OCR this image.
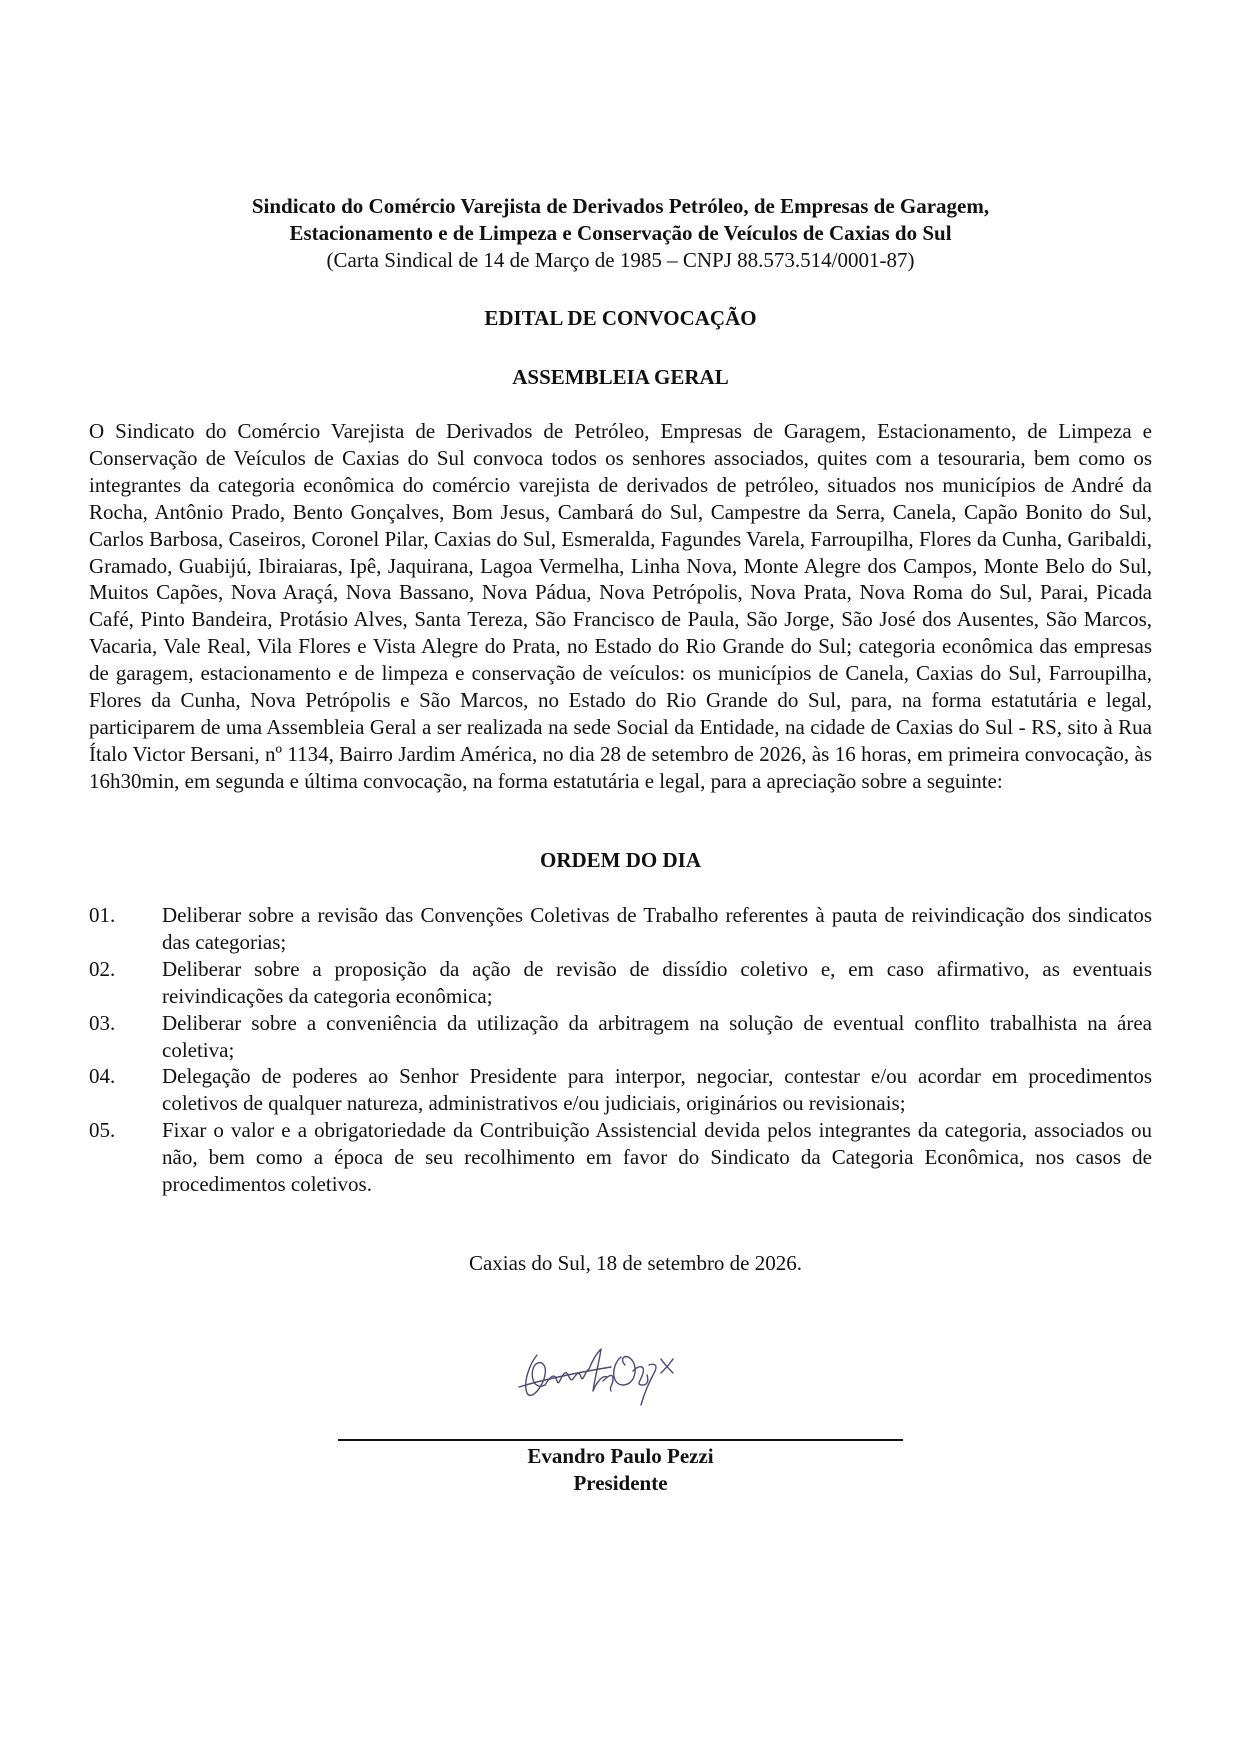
Sindicato do Comércio Varejista de Derivados Petróleo, de Empresas de Garagem,
Estacionamento e de Limpeza e Conservação de Veículos de Caxias do Sul
(Carta Sindical de 14 de Março de 1985 – CNPJ 88.573.514/0001-87)
EDITAL DE CONVOCAÇÃO
ASSEMBLEIA GERAL

O Sindicato do Comércio Varejista de Derivados de Petróleo, Empresas de Garagem, Estacionamento, de Limpeza e Conservação de Veículos de Caxias do Sul convoca todos os senhores associados, quites com a tesouraria, bem como os integrantes da categoria econômica do comércio varejista de derivados de petróleo, situados nos municípios de André da Rocha, Antônio Prado, Bento Gonçalves, Bom Jesus, Cambará do Sul, Campestre da Serra, Canela, Capão Bonito do Sul, Carlos Barbosa, Caseiros, Coronel Pilar, Caxias do Sul, Esmeralda, Fagundes Varela, Farroupilha, Flores da Cunha, Garibaldi, Gramado, Guabijú, Ibiraiaras, Ipê, Jaquirana, Lagoa Vermelha, Linha Nova, Monte Alegre dos Campos, Monte Belo do Sul, Muitos Capões, Nova Araçá, Nova Bassano, Nova Pádua, Nova Petrópolis, Nova Prata, Nova Roma do Sul, Parai, Picada Café, Pinto Bandeira, Protásio Alves, Santa Tereza, São Francisco de Paula, São Jorge, São José dos Ausentes, São Marcos, Vacaria, Vale Real, Vila Flores e Vista Alegre do Prata, no Estado do Rio Grande do Sul; categoria econômica das empresas de garagem, estacionamento e de limpeza e conservação de veículos: os municípios de Canela, Caxias do Sul, Farroupilha, Flores da Cunha, Nova Petrópolis e São Marcos, no Estado do Rio Grande do Sul, para, na forma estatutária e legal, participarem de uma Assembleia Geral a ser realizada na sede Social da Entidade, na cidade de Caxias do Sul - RS, sito à Rua Ítalo Victor Bersani, nº 1134, Bairro Jardim América, no dia 28 de setembro de 2026, às 16 horas, em primeira convocação, às 16h30min, em segunda e última convocação, na forma estatutária e legal, para a apreciação sobre a seguinte:

ORDEM DO DIA
01. Deliberar sobre a revisão das Convenções Coletivas de Trabalho referentes à pauta de reivindicação dos sindicatos das categorias;
02. Deliberar sobre a proposição da ação de revisão de dissídio coletivo e, em caso afirmativo, as eventuais reivindicações da categoria econômica;
03. Deliberar sobre a conveniência da utilização da arbitragem na solução de eventual conflito trabalhista na área coletiva;
04. Delegação de poderes ao Senhor Presidente para interpor, negociar, contestar e/ou acordar em procedimentos coletivos de qualquer natureza, administrativos e/ou judiciais, originários ou revisionais;
05. Fixar o valor e a obrigatoriedade da Contribuição Assistencial devida pelos integrantes da categoria, associados ou não, bem como a época de seu recolhimento em favor do Sindicato da Categoria Econômica, nos casos de procedimentos coletivos.
Caxias do Sul, 18 de setembro de 2026.
Evandro Paulo Pezzi
Presidente
